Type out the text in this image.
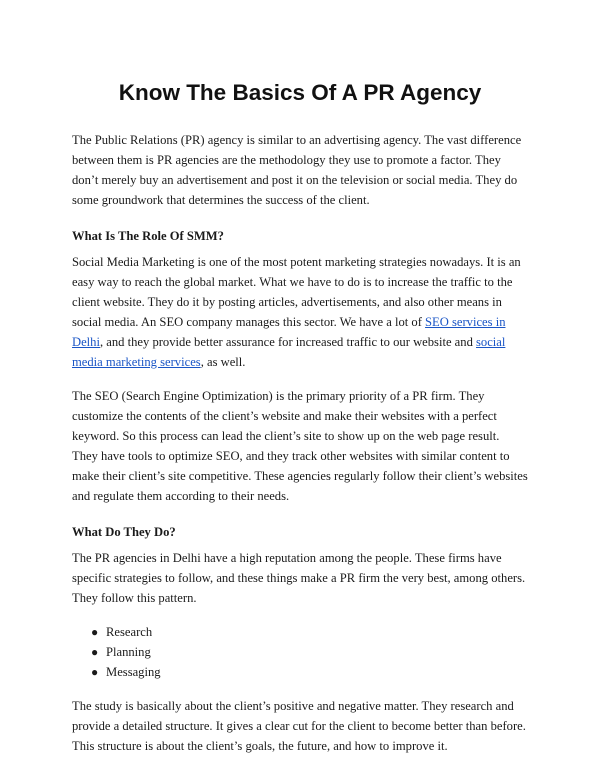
Know The Basics Of A PR Agency

The Public Relations (PR) agency is similar to an advertising agency. The vast difference between them is PR agencies are the methodology they use to promote a factor. They don’t merely buy an advertisement and post it on the television or social media. They do some groundwork that determines the success of the client.

What Is The Role Of SMM?

Social Media Marketing is one of the most potent marketing strategies nowadays. It is an easy way to reach the global market. What we have to do is to increase the traffic to the client website. They do it by posting articles, advertisements, and also other means in social media. An SEO company manages this sector. We have a lot of SEO services in Delhi, and they provide better assurance for increased traffic to our website and social media marketing services, as well.

The SEO (Search Engine Optimization) is the primary priority of a PR firm. They customize the contents of the client’s website and make their websites with a perfect keyword. So this process can lead the client’s site to show up on the web page result. They have tools to optimize SEO, and they track other websites with similar content to make their client’s site competitive. These agencies regularly follow their client’s websites and regulate them according to their needs.

What Do They Do?

The PR agencies in Delhi have a high reputation among the people. These firms have specific strategies to follow, and these things make a PR firm the very best, among others. They follow this pattern.

● Research
● Planning
● Messaging

The study is basically about the client’s positive and negative matter. They research and provide a detailed structure. It gives a clear cut for the client to become better than before. This structure is about the client’s goals, the future, and how to improve it.
